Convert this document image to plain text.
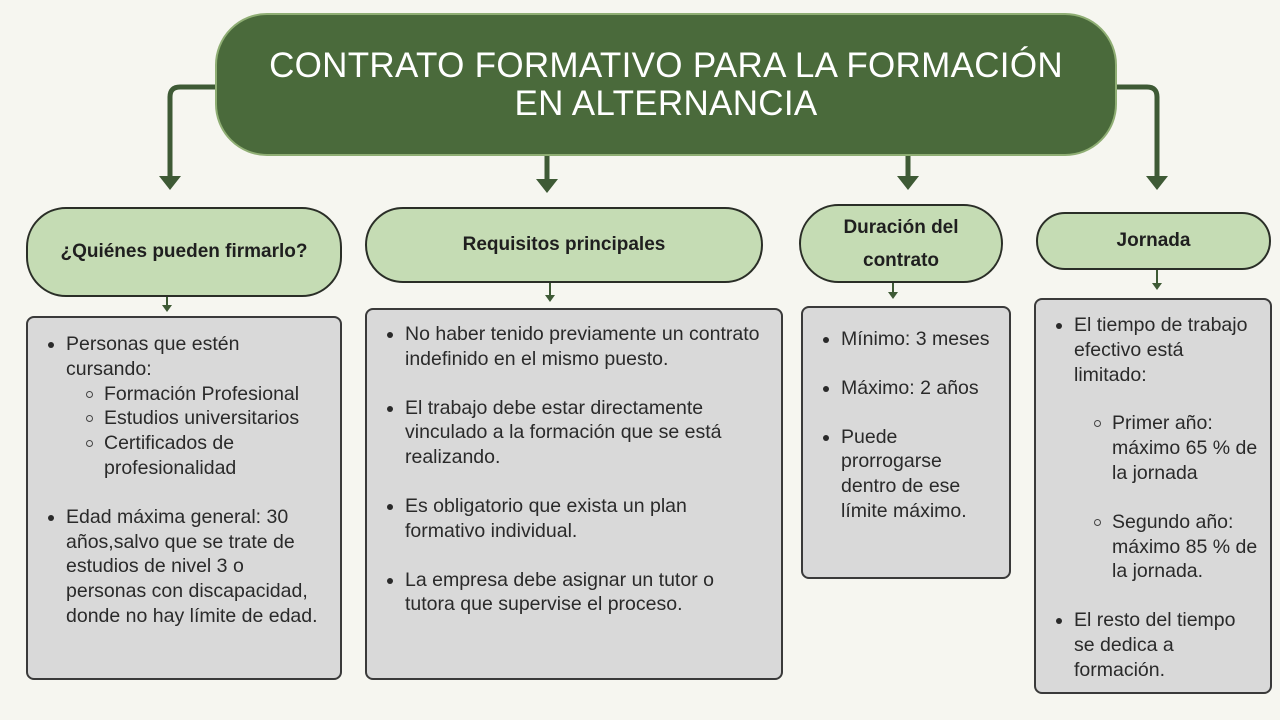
CONTRATO FORMATIVO PARA LA FORMACIÓN
EN ALTERNANCIA
¿Quiénes pueden firmarlo?
Personas que estén cursando:
Formación Profesional
Estudios universitarios
Certificados de profesionalidad
Edad máxima general: 30 años,salvo que se trate de estudios de nivel 3 o personas con discapacidad, donde no hay límite de edad.
Requisitos principales
No haber tenido previamente un contrato indefinido en el mismo puesto.
El trabajo debe estar directamente vinculado a la formación que se está realizando.
Es obligatorio que exista un plan formativo individual.
La empresa debe asignar un tutor o tutora que supervise el proceso.
Duración del
contrato
Mínimo: 3 meses
Máximo: 2 años
Puede prorrogarse dentro de ese límite máximo.
Jornada
El tiempo de trabajo efectivo está limitado:
Primer año: máximo 65 % de la jornada
Segundo año: máximo 85 % de la jornada.
El resto del tiempo se dedica a formación.
